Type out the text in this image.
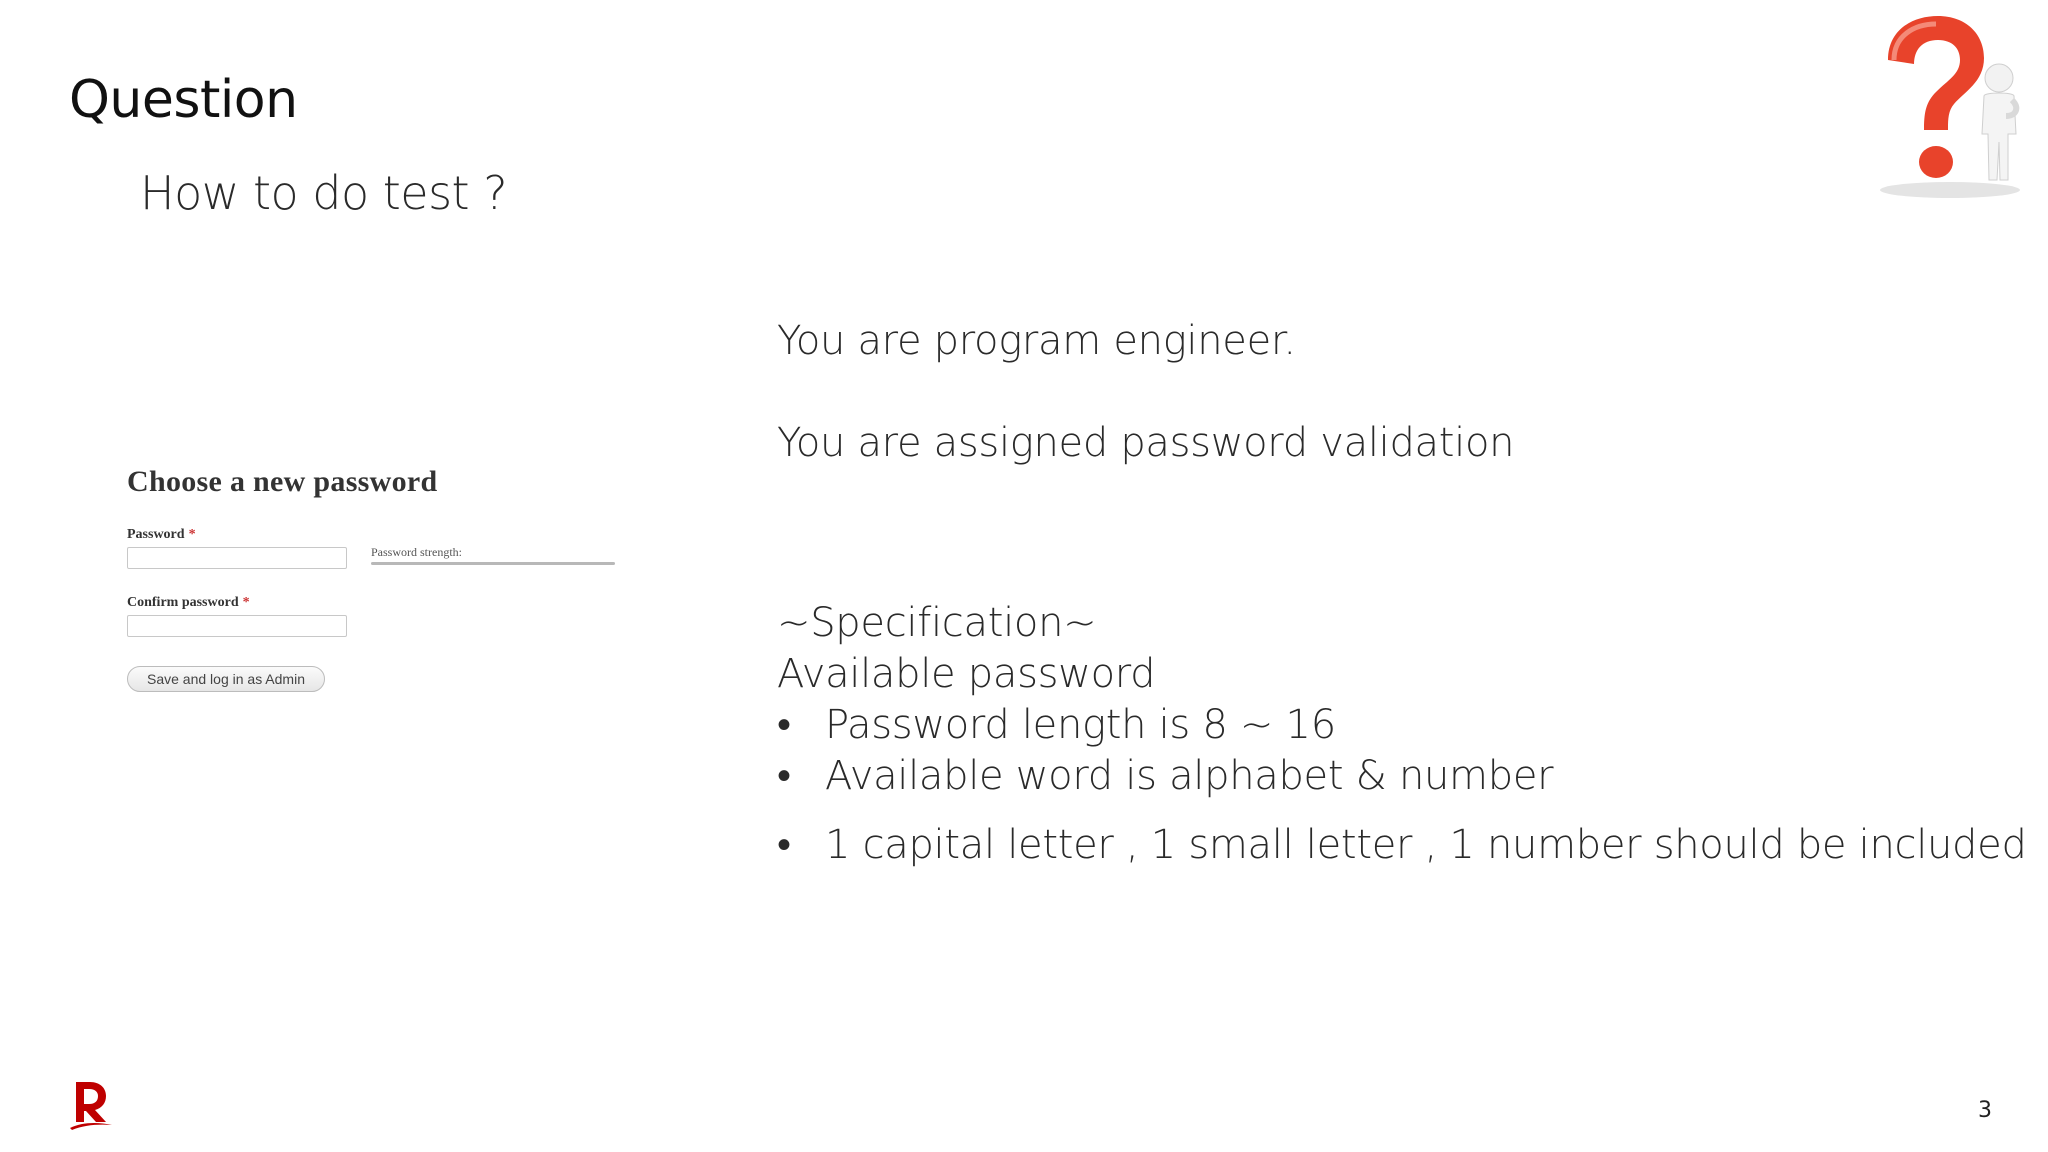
Question
How to do test ?
Choose a new password
Password *
Password strength:
Confirm password *
Save and log in as Admin
You are program engineer.
You are assigned password validation
~Specification~
Available password
• Password length is 8 ~ 16
• Available word is alphabet & number
• 1 capital letter , 1 small letter , 1 number should be included
3
